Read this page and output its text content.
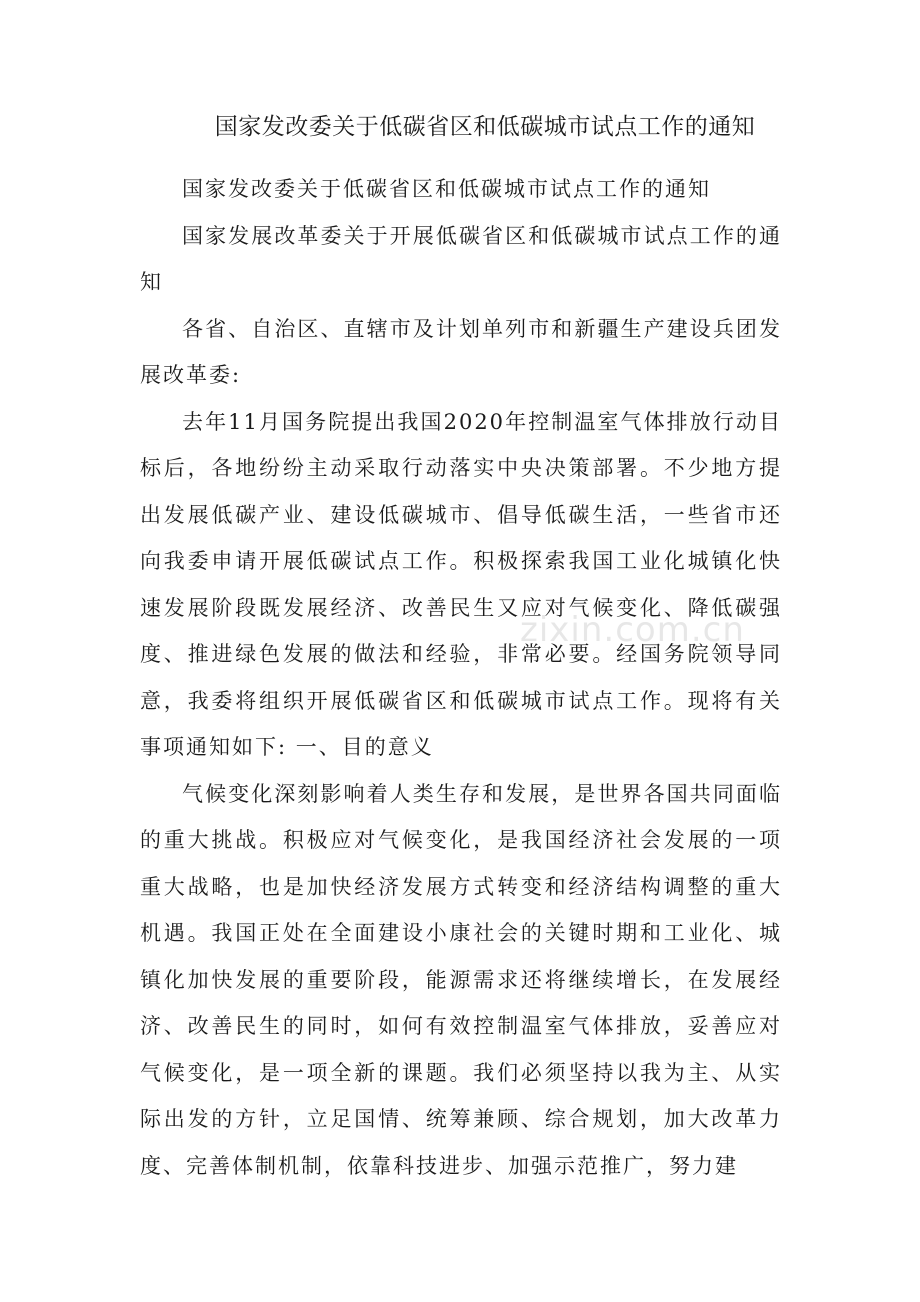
国家发改委关于低碳省区和低碳城市试点工作的通知

国家发改委关于低碳省区和低碳城市试点工作的通知

国家发展改革委关于开展低碳省区和低碳城市试点工作的通知

各省、自治区、直辖市及计划单列市和新疆生产建设兵团发展改革委:

去年11月国务院提出我国2020年控制温室气体排放行动目标后，各地纷纷主动采取行动落实中央决策部署。不少地方提出发展低碳产业、建设低碳城市、倡导低碳生活，一些省市还向我委申请开展低碳试点工作。积极探索我国工业化城镇化快速发展阶段既发展经济、改善民生又应对气候变化、降低碳强度、推进绿色发展的做法和经验，非常必要。经国务院领导同意，我委将组织开展低碳省区和低碳城市试点工作。现将有关事项通知如下: 一、目的意义

气候变化深刻影响着人类生存和发展，是世界各国共同面临的重大挑战。积极应对气候变化，是我国经济社会发展的一项重大战略，也是加快经济发展方式转变和经济结构调整的重大机遇。我国正处在全面建设小康社会的关键时期和工业化、城镇化加快发展的重要阶段，能源需求还将继续增长，在发展经济、改善民生的同时，如何有效控制温室气体排放，妥善应对气候变化，是一项全新的课题。我们必须坚持以我为主、从实际出发的方针，立足国情、统筹兼顾、综合规划，加大改革力度、完善体制机制，依靠科技进步、加强示范推广，努力建

zixin.com.cn
